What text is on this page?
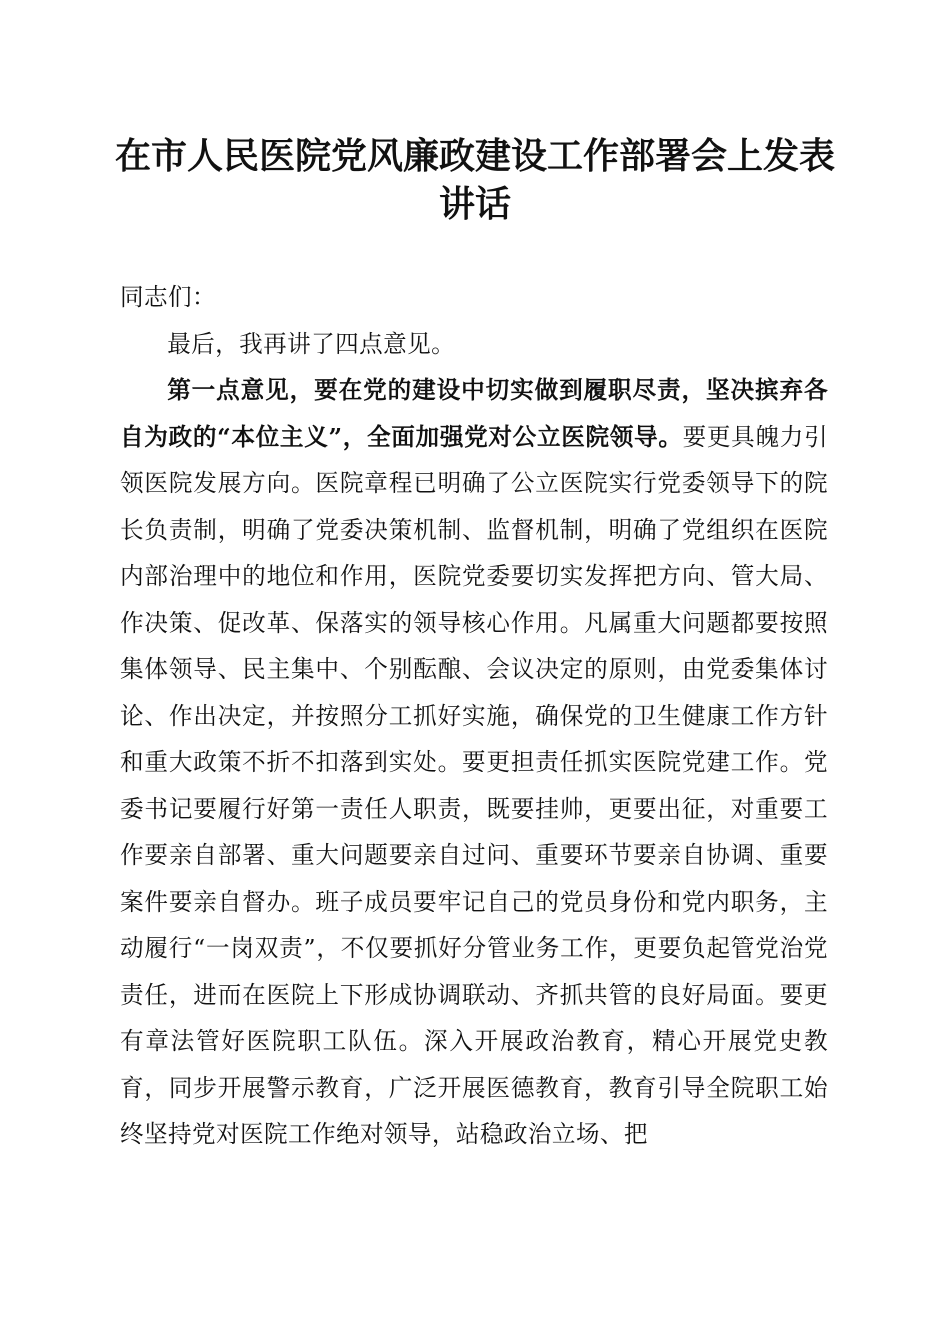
在市人民医院党风廉政建设工作部署会上发表讲话

同志们：

最后，我再讲了四点意见。

第一点意见，要在党的建设中切实做到履职尽责，坚决摈弃各自为政的“本位主义”，全面加强党对公立医院领导。要更具魄力引领医院发展方向。医院章程已明确了公立医院实行党委领导下的院长负责制，明确了党委决策机制、监督机制，明确了党组织在医院内部治理中的地位和作用，医院党委要切实发挥把方向、管大局、作决策、促改革、保落实的领导核心作用。凡属重大问题都要按照集体领导、民主集中、个别酝酿、会议决定的原则，由党委集体讨论、作出决定，并按照分工抓好实施，确保党的卫生健康工作方针和重大政策不折不扣落到实处。要更担责任抓实医院党建工作。党委书记要履行好第一责任人职责，既要挂帅，更要出征，对重要工作要亲自部署、重大问题要亲自过问、重要环节要亲自协调、重要案件要亲自督办。班子成员要牢记自己的党员身份和党内职务，主动履行“一岗双责”，不仅要抓好分管业务工作，更要负起管党治党责任，进而在医院上下形成协调联动、齐抓共管的良好局面。要更有章法管好医院职工队伍。深入开展政治教育，精心开展党史教育，同步开展警示教育，广泛开展医德教育，教育引导全院职工始终坚持党对医院工作绝对领导，站稳政治立场、把
